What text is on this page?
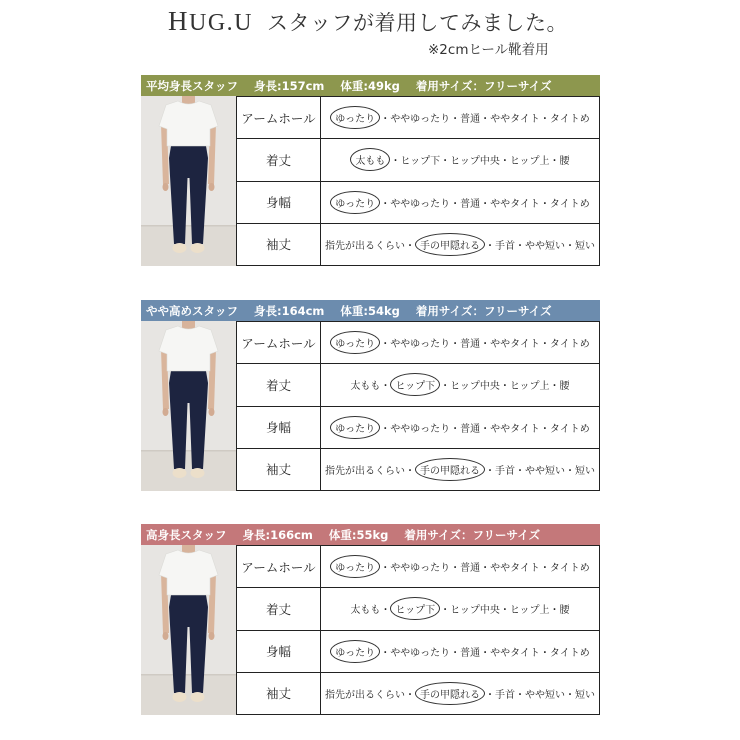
HUG.U スタッフが着用してみました。
※2cmヒール靴着用
平均身長スタッフ 身長:157cm 体重:49kg 着用サイズ：フリーサイズ
アームホール	ゆったり ・ ややゆったり ・ 普通 ・ ややタイト ・ タイトめ
着丈	太もも ・ ヒップ下 ・ ヒップ中央 ・ ヒップ上 ・ 腰
身幅	ゆったり ・ ややゆったり ・ 普通 ・ ややタイト ・ タイトめ
袖丈	指先が出るくらい ・ 手の甲隠れる ・ 手首 ・ やや短い ・ 短い
やや高めスタッフ 身長:164cm 体重:54kg 着用サイズ：フリーサイズ
アームホール	ゆったり ・ ややゆったり ・ 普通 ・ ややタイト ・ タイトめ
着丈	太もも ・ ヒップ下 ・ ヒップ中央 ・ ヒップ上 ・ 腰
身幅	ゆったり ・ ややゆったり ・ 普通 ・ ややタイト ・ タイトめ
袖丈	指先が出るくらい ・ 手の甲隠れる ・ 手首 ・ やや短い ・ 短い
高身長スタッフ 身長:166cm 体重:55kg 着用サイズ：フリーサイズ
アームホール	ゆったり ・ ややゆったり ・ 普通 ・ ややタイト ・ タイトめ
着丈	太もも ・ ヒップ下 ・ ヒップ中央 ・ ヒップ上 ・ 腰
身幅	ゆったり ・ ややゆったり ・ 普通 ・ ややタイト ・ タイトめ
袖丈	指先が出るくらい ・ 手の甲隠れる ・ 手首 ・ やや短い ・ 短い
